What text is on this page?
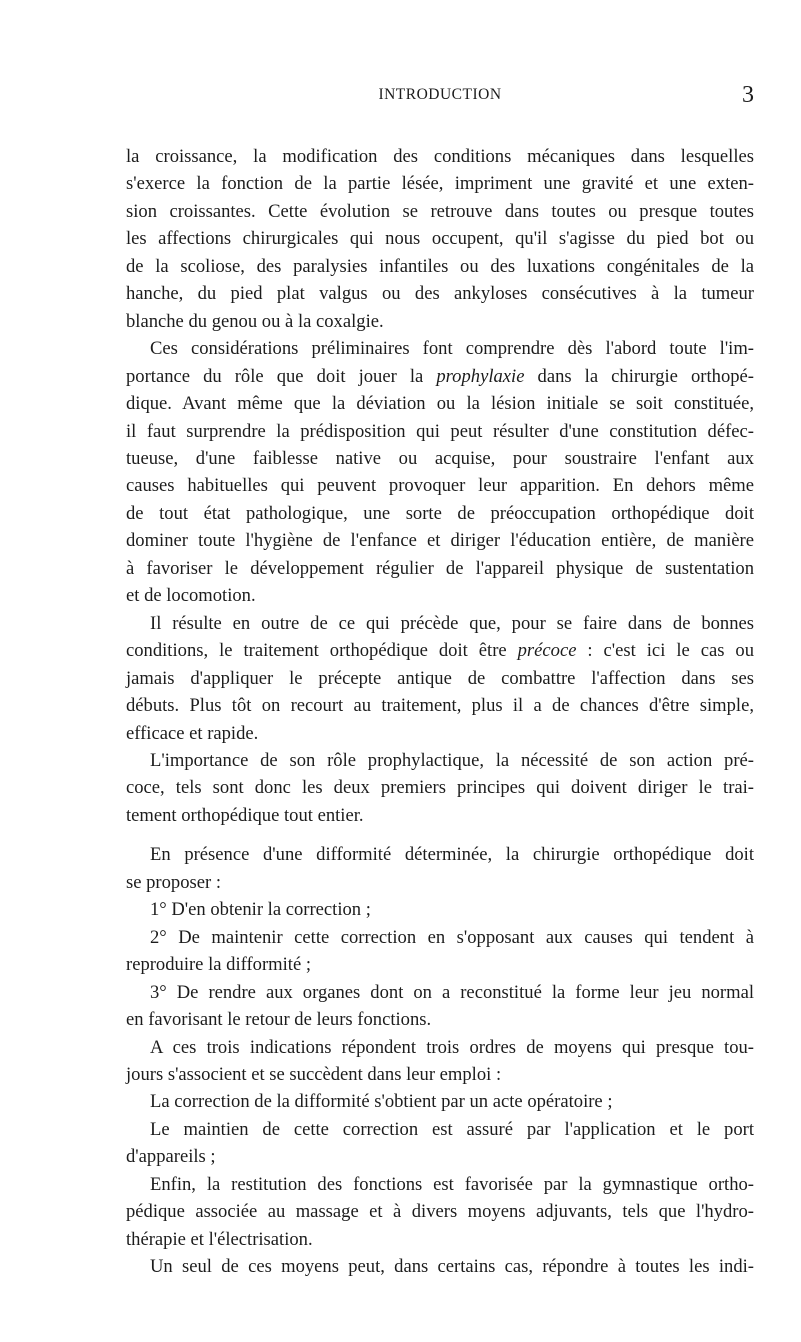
INTRODUCTION	3
la croissance, la modification des conditions mécaniques dans lesquelles
s'exerce la fonction de la partie lésée, impriment une gravité et une exten-
sion croissantes. Cette évolution se retrouve dans toutes ou presque toutes
les affections chirurgicales qui nous occupent, qu'il s'agisse du pied bot ou
de la scoliose, des paralysies infantiles ou des luxations congénitales de la
hanche, du pied plat valgus ou des ankyloses consécutives à la tumeur
blanche du genou ou à la coxalgie.
Ces considérations préliminaires font comprendre dès l'abord toute l'im-
portance du rôle que doit jouer la prophylaxie dans la chirurgie orthopé-
dique. Avant même que la déviation ou la lésion initiale se soit constituée,
il faut surprendre la prédisposition qui peut résulter d'une constitution défec-
tueuse, d'une faiblesse native ou acquise, pour soustraire l'enfant aux
causes habituelles qui peuvent provoquer leur apparition. En dehors même
de tout état pathologique, une sorte de préoccupation orthopédique doit
dominer toute l'hygiène de l'enfance et diriger l'éducation entière, de manière
à favoriser le développement régulier de l'appareil physique de sustentation
et de locomotion.
Il résulte en outre de ce qui précède que, pour se faire dans de bonnes
conditions, le traitement orthopédique doit être précoce : c'est ici le cas ou
jamais d'appliquer le précepte antique de combattre l'affection dans ses
débuts. Plus tôt on recourt au traitement, plus il a de chances d'être simple,
efficace et rapide.
L'importance de son rôle prophylactique, la nécessité de son action pré-
coce, tels sont donc les deux premiers principes qui doivent diriger le trai-
tement orthopédique tout entier.
En présence d'une difformité déterminée, la chirurgie orthopédique doit
se proposer :
1° D'en obtenir la correction ;
2° De maintenir cette correction en s'opposant aux causes qui tendent à
reproduire la difformité ;
3° De rendre aux organes dont on a reconstitué la forme leur jeu normal
en favorisant le retour de leurs fonctions.
A ces trois indications répondent trois ordres de moyens qui presque tou-
jours s'associent et se succèdent dans leur emploi :
La correction de la difformité s'obtient par un acte opératoire ;
Le maintien de cette correction est assuré par l'application et le port
d'appareils ;
Enfin, la restitution des fonctions est favorisée par la gymnastique ortho-
pédique associée au massage et à divers moyens adjuvants, tels que l'hydro-
thérapie et l'électrisation.
Un seul de ces moyens peut, dans certains cas, répondre à toutes les indi-
